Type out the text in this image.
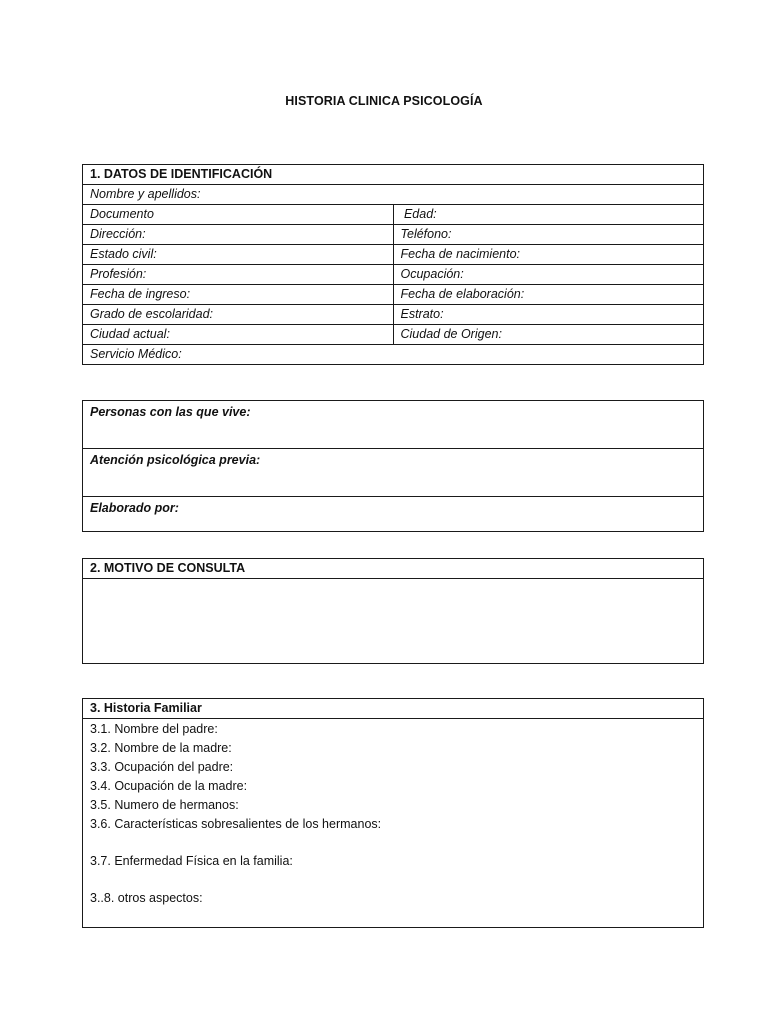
HISTORIA CLINICA PSICOLOGÍA
1. DATOS DE IDENTIFICACIÓN	
Nombre y apellidos:	
Documento	Edad:
Dirección:	Teléfono:
Estado civil:	Fecha de nacimiento:
Profesión:	Ocupación:
Fecha de ingreso:	Fecha de elaboración:
Grado de escolaridad:	Estrato:
Ciudad actual:	Ciudad de Origen:
Servicio Médico:	
Personas con las que vive:
Atención psicológica previa:
Elaborado por:
2. MOTIVO DE CONSULTA

3. Historia Familiar

3.1. Nombre del padre:
3.2. Nombre de la madre:
3.3. Ocupación del padre:
3.4. Ocupación de la madre:
3.5. Numero de hermanos:
3.6. Características sobresalientes de los hermanos:
3.7. Enfermedad Física en la familia:
3..8. otros aspectos:
